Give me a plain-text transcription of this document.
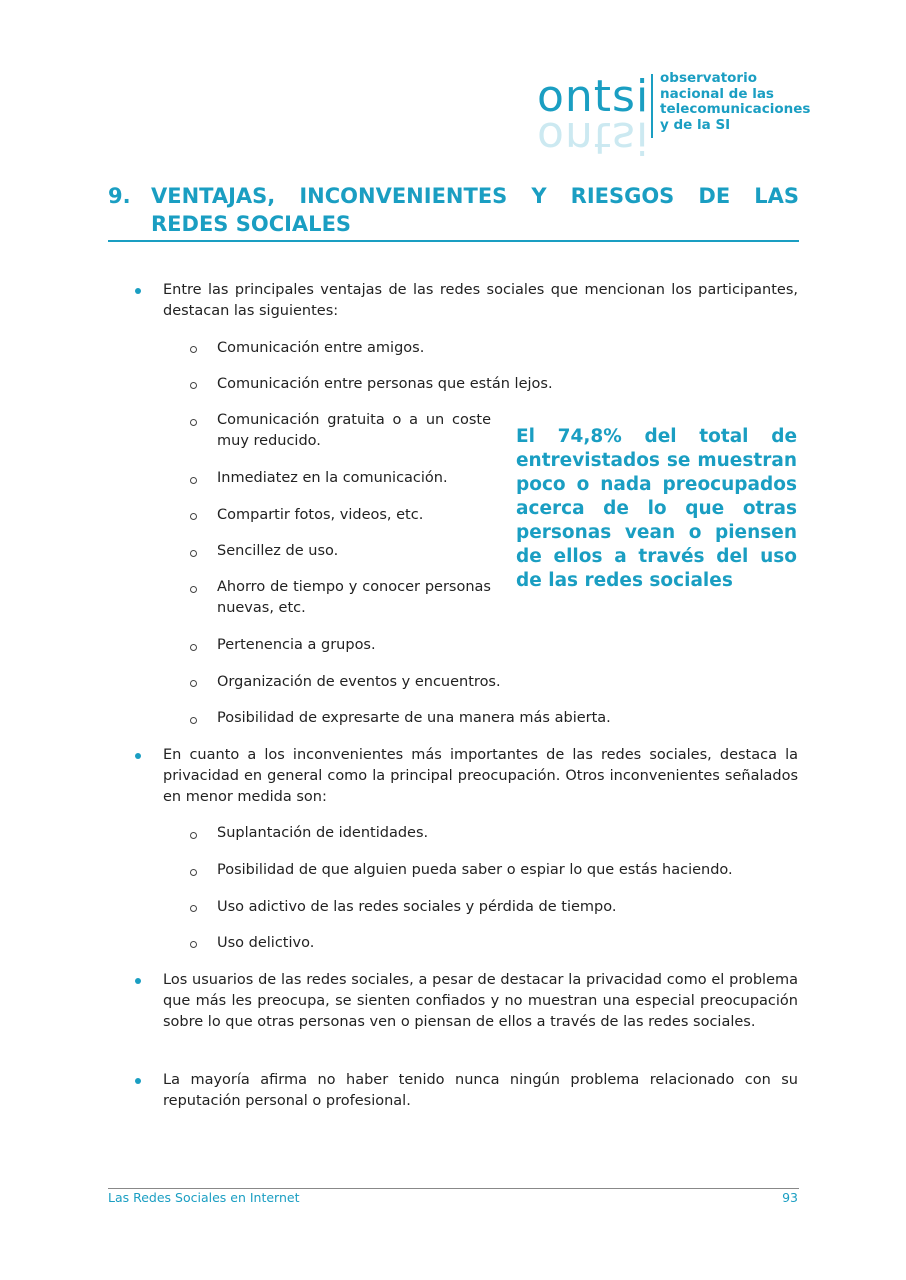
ontsi
ontsi
observatorio
nacional de las
telecomunicaciones
y de la SI
9. VENTAJAS, INCONVENIENTES Y RIESGOS DE LAS
REDES SOCIALES
Entre las principales ventajas de las redes sociales que mencionan los participantes, destacan las siguientes:
Comunicación entre amigos.
Comunicación entre personas que están lejos.
Comunicación gratuita o a un coste muy reducido.
Inmediatez en la comunicación.
Compartir fotos, videos, etc.
Sencillez de uso.
Ahorro de tiempo y conocer personas nuevas, etc.
Pertenencia a grupos.
Organización de eventos y encuentros.
Posibilidad de expresarte de una manera más abierta.
El 74,8% del total de entrevistados se muestran poco o nada preocupados acerca de lo que otras personas vean o piensen de ellos a través del uso de las redes sociales
En cuanto a los inconvenientes más importantes de las redes sociales, destaca la privacidad en general como la principal preocupación. Otros inconvenientes señalados en menor medida son:
Suplantación de identidades.
Posibilidad de que alguien pueda saber o espiar lo que estás haciendo.
Uso adictivo de las redes sociales y pérdida de tiempo.
Uso delictivo.
Los usuarios de las redes sociales, a pesar de destacar la privacidad como el problema que más les preocupa, se sienten confiados y no muestran una especial preocupación sobre lo que otras personas ven o piensan de ellos a través de las redes sociales.
La mayoría afirma no haber tenido nunca ningún problema relacionado con su reputación personal o profesional.
Las Redes Sociales en Internet	93
